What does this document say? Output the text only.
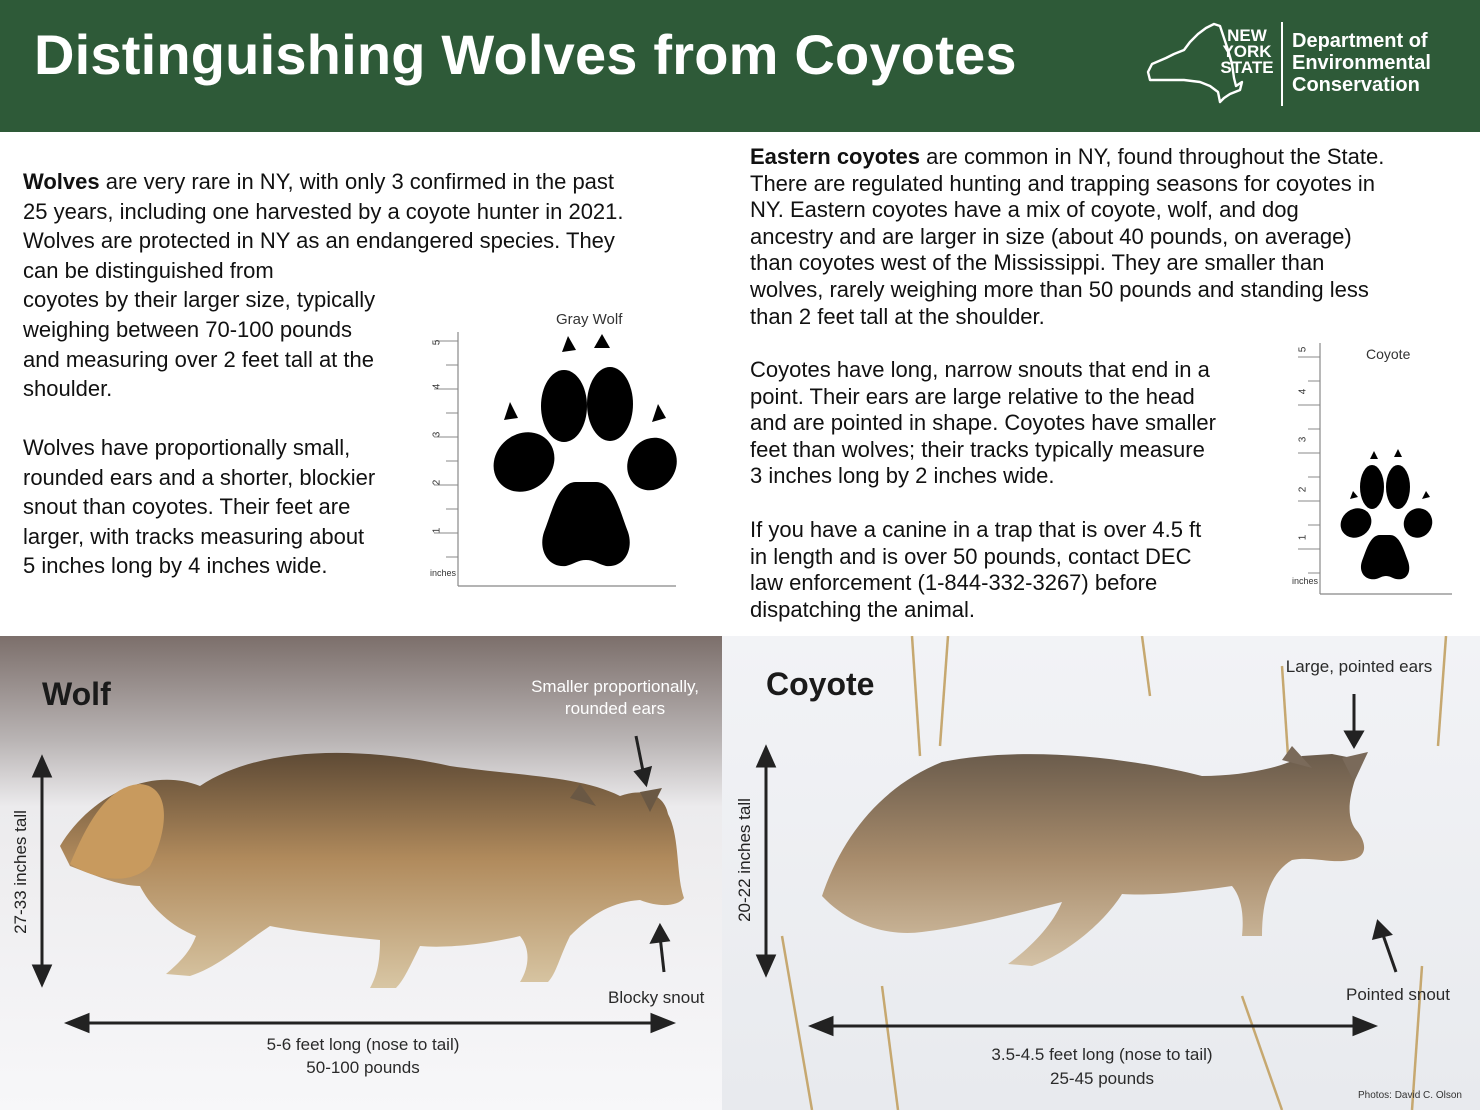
Distinguishing Wolves from Coyotes	NEW
YORK
STATE
Department of
Environmental
Conservation

Wolves are very rare in NY, with only 3 confirmed in the past
25 years, including one harvested by a coyote hunter in 2021.
Wolves are protected in NY as an endangered species. They
can be distinguished from
coyotes by their larger size, typically
weighing between 70-100 pounds
and measuring over 2 feet tall at the
shoulder.

Wolves have proportionally small,
rounded ears and a shorter, blockier
snout than coyotes. Their feet are
larger, with tracks measuring about
5 inches long by 4 inches wide.

Eastern coyotes are common in NY, found throughout the State.
There are regulated hunting and trapping seasons for coyotes in
NY. Eastern coyotes have a mix of coyote, wolf, and dog
ancestry and are larger in size (about 40 pounds, on average)
than coyotes west of the Mississippi. They are smaller than
wolves, rarely weighing more than 50 pounds and standing less
than 2 feet tall at the shoulder.

Coyotes have long, narrow snouts that end in a
point. Their ears are large relative to the head
and are pointed in shape. Coyotes have smaller
feet than wolves; their tracks typically measure
3 inches long by 2 inches wide.

If you have a canine in a trap that is over 4.5 ft
in length and is over 50 pounds, contact DEC
law enforcement (1-844-332-3267) before
dispatching the animal.

Gray Wolf
5
4
3
2
1
inches
Coyote
5
4
3
2
1
inches
Wolf	Smaller proportionally,
rounded ears
Blocky snout
27-33 inches tall
5-6 feet long (nose to tail)
50-100 pounds
Coyote	Large, pointed ears
Pointed snout
20-22 inches tall
3.5-4.5 feet long (nose to tail)
25-45 pounds
Photos: David C. Olson
